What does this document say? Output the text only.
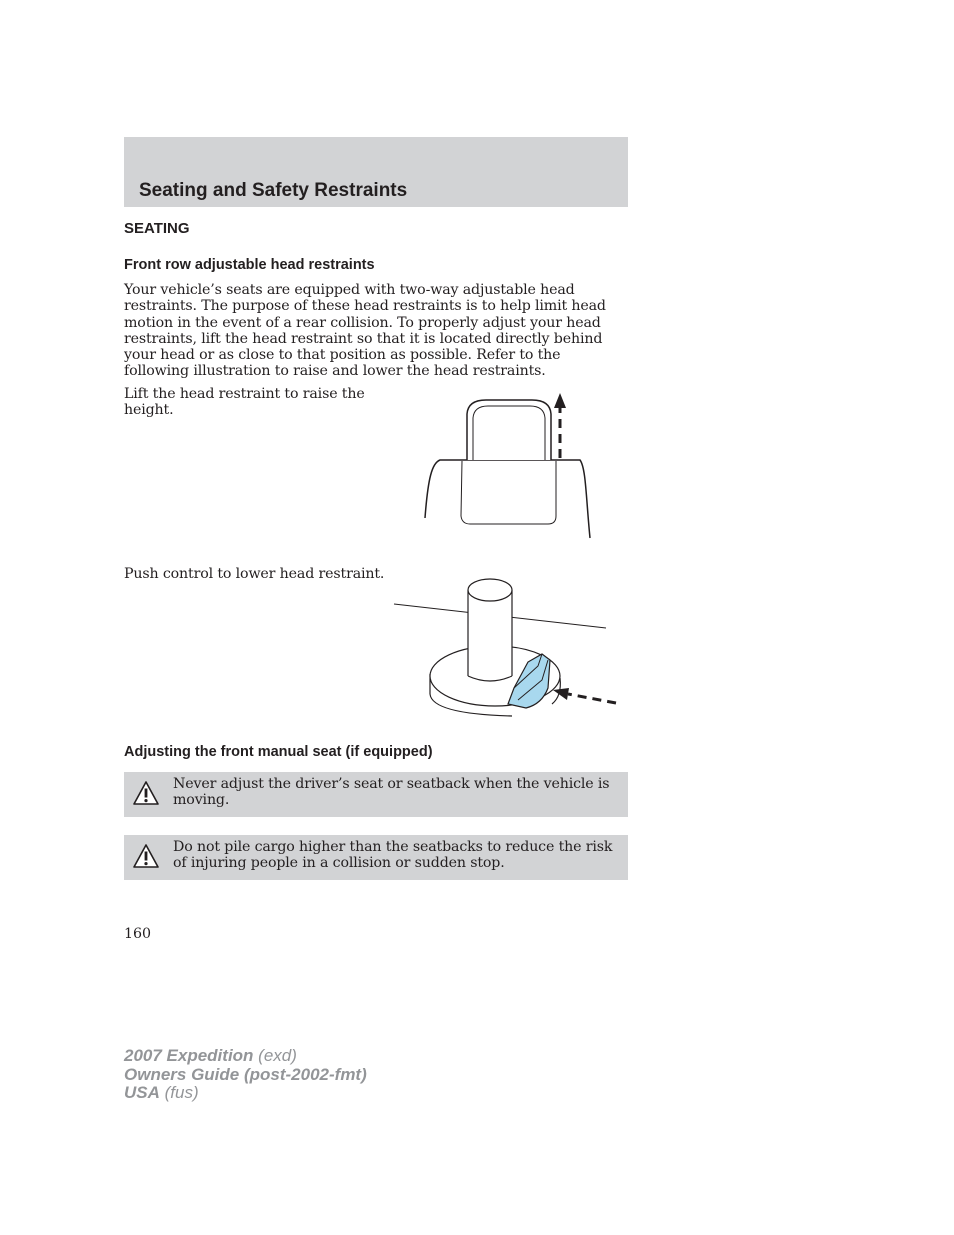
Seating and Safety Restraints
SEATING
Front row adjustable head restraints

Your vehicle’s seats are equipped with two-way adjustable head restraints. The purpose of these head restraints is to help limit head motion in the event of a rear collision. To properly adjust your head restraints, lift the head restraint so that it is located directly behind your head or as close to that position as possible. Refer to the following illustration to raise and lower the head restraints.

Lift the head restraint to raise the height.

Push control to lower head restraint.

Adjusting the front manual seat (if equipped)

Never adjust the driver’s seat or seatback when the vehicle is moving.

Do not pile cargo higher than the seatbacks to reduce the risk of injuring people in a collision or sudden stop.

160

2007 Expedition (exd)
Owners Guide (post-2002-fmt)
USA (fus)
